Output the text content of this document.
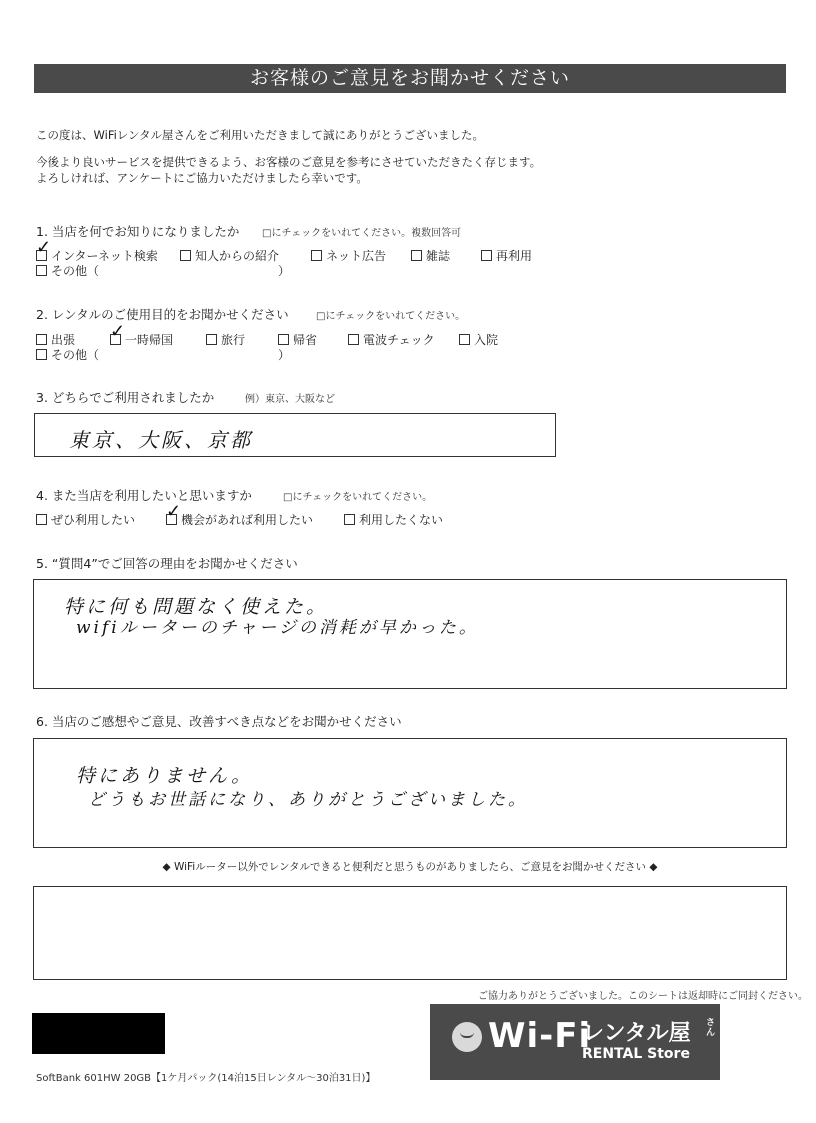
お客様のご意見をお聞かせください
この度は、WiFiレンタル屋さんをご利用いただきまして誠にありがとうございました。
今後より良いサービスを提供できるよう、お客様のご意見を参考にさせていただきたく存じます。
よろしければ、アンケートにご協力いただけましたら幸いです。
1. 当店を何でお知りになりましたか □にチェックをいれてください。複数回答可
✓ インターネット検索	知人からの紹介	ネット広告	雑誌	再利用
その他（	）
2. レンタルのご使用目的をお聞かせください	□にチェックをいれてください。
出張 ✓ 一時帰国	旅行	帰省	電波チェック	入院
その他（	）
3. どちらでご利用されましたか	例）東京、大阪など
東京、大阪、京都
4. また当店を利用したいと思いますか	□にチェックをいれてください。
ぜひ利用したい ✓ 機会があれば利用したい	利用したくない
5. “質問4”でご回答の理由をお聞かせください
特に何も問題なく使えた。
wifiルーターのチャージの消耗が早かった。
6. 当店のご感想やご意見、改善すべき点などをお聞かせください
特にありません。
どうもお世話になり、ありがとうございました。
◆ WiFiルーター以外でレンタルできると便利だと思うものがありましたら、ご意見をお聞かせください ◆
ご協力ありがとうございました。このシートは返却時にご同封ください。
Wi-Fi
レンタル屋 さん
RENTAL Store
SoftBank 601HW 20GB【1ケ月パック(14泊15日レンタル～30泊31日)】
